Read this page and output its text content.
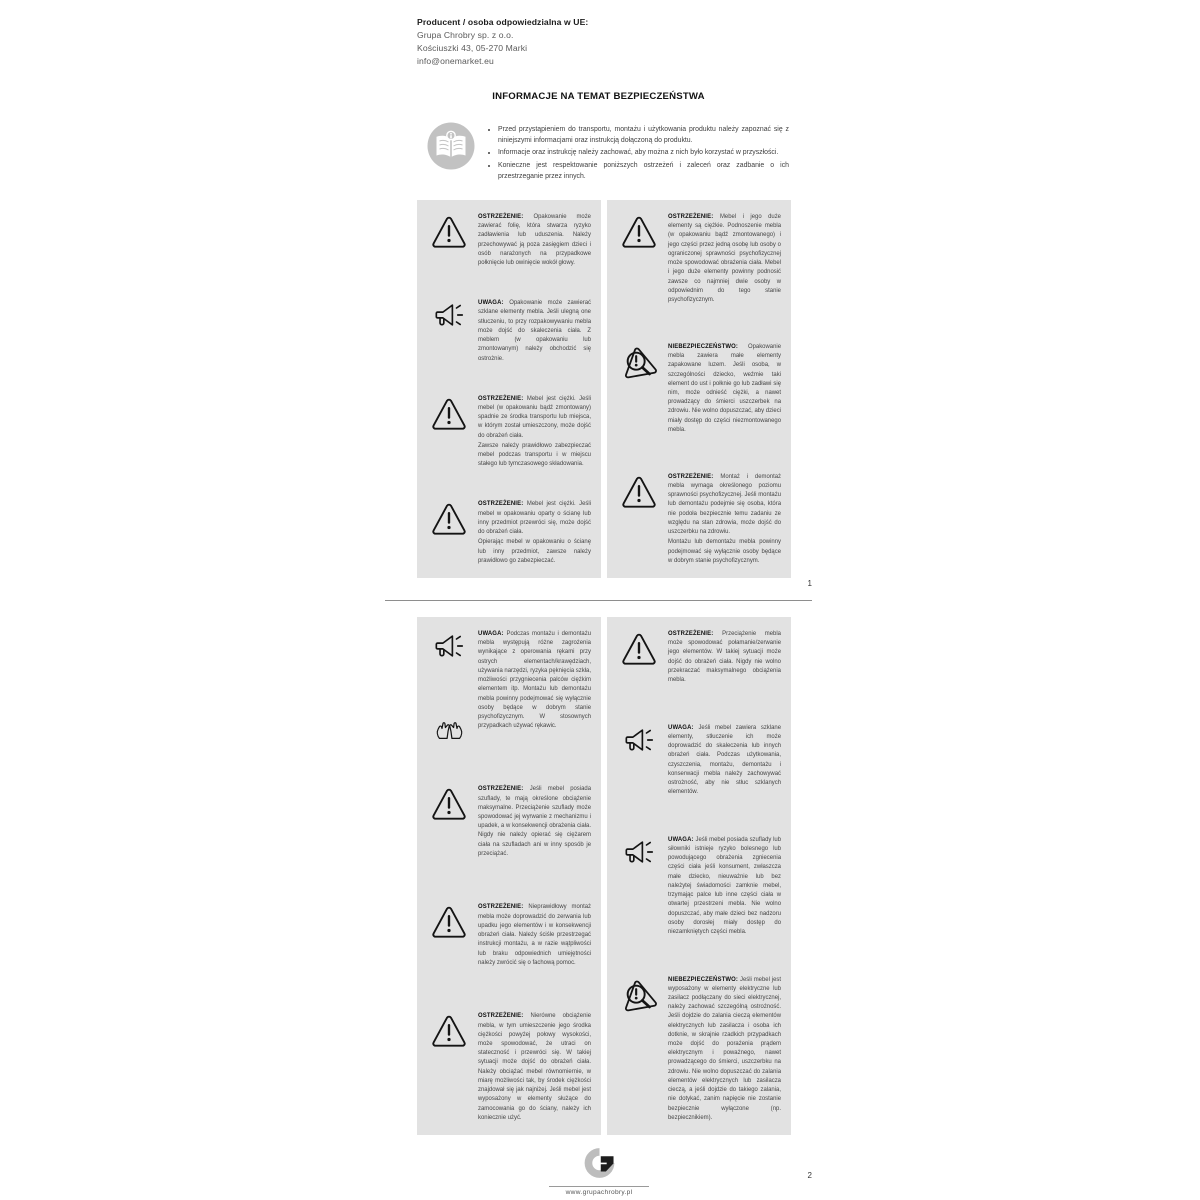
Producent / osoba odpowiedzialna w UE:
Grupa Chrobry sp. z o.o.
Kościuszki 43, 05-270 Marki
info@onemarket.eu
INFORMACJE NA TEMAT BEZPIECZEŃSTWA
• Przed przystąpieniem do transportu, montażu i użytkowania produktu należy zapoznać się z niniejszymi informacjami oraz instrukcją dołączoną do produktu.
• Informacje oraz instrukcję należy zachować, aby można z nich było korzystać w przyszłości.
• Konieczne jest respektowanie poniższych ostrzeżeń i zaleceń oraz zadbanie o ich przestrzeganie przez innych.

OSTRZEŻENIE: Opakowanie może zawierać folię, która stwarza ryzyko zadławienia lub uduszenia. Należy przechowywać ją poza zasięgiem dzieci i osób narażonych na przypadkowe połknięcie lub owinięcie wokół głowy.

UWAGA: Opakowanie może zawierać szklane elementy mebla. Jeśli ulegną one stłuczeniu, to przy rozpakowywaniu mebla może dojść do skaleczenia ciała. Z meblem (w opakowaniu lub zmontowanym) należy obchodzić się ostrożnie.

OSTRZEŻENIE: Mebel jest ciężki. Jeśli mebel (w opakowaniu bądź zmontowany) spadnie ze środka transportu lub miejsca, w którym został umieszczony, może dojść do obrażeń ciała.

Zawsze należy prawidłowo zabezpieczać mebel podczas transportu i w miejscu stałego lub tymczasowego składowania.

OSTRZEŻENIE: Mebel jest ciężki. Jeśli mebel w opakowaniu oparty o ścianę lub inny przedmiot przewróci się, może dojść do obrażeń ciała.

Opierając mebel w opakowaniu o ścianę lub inny przedmiot, zawsze należy prawidłowo go zabezpieczać.

OSTRZEŻENIE: Mebel i jego duże elementy są ciężkie. Podnoszenie mebla (w opakowaniu bądź zmontowanego) i jego części przez jedną osobę lub osoby o ograniczonej sprawności psychofizycznej może spowodować obrażenia ciała. Mebel i jego duże elementy powinny podnosić zawsze co najmniej dwie osoby w odpowiednim do tego stanie psychofizycznym.

NIEBEZPIECZEŃSTWO: Opakowanie mebla zawiera małe elementy zapakowane luzem. Jeśli osoba, w szczególności dziecko, weźmie taki element do ust i połknie go lub zadławi się nim, może odnieść ciężki, a nawet prowadzący do śmierci uszczerbek na zdrowiu. Nie wolno dopuszczać, aby dzieci miały dostęp do części niezmontowanego mebla.

OSTRZEŻENIE: Montaż i demontaż mebla wymaga określonego poziomu sprawności psychofizycznej. Jeśli montażu lub demontażu podejmie się osoba, która nie podoła bezpiecznie temu zadaniu ze względu na stan zdrowia, może dojść do uszczerbku na zdrowiu.

Montażu lub demontażu mebla powinny podejmować się wyłącznie osoby będące w dobrym stanie psychofizycznym.

1

UWAGA: Podczas montażu i demontażu mebla występują różne zagrożenia wynikające z operowania rękami przy ostrych elementach/krawędziach, używania narzędzi, ryzyka pęknięcia szkła, możliwości przygniecenia palców ciężkim elementem itp. Montażu lub demontażu mebla powinny podejmować się wyłącznie osoby będące w dobrym stanie psychofizycznym. W stosownych przypadkach używać rękawic.

OSTRZEŻENIE: Jeśli mebel posiada szuflady, te mają określone obciążenie maksymalne. Przeciążenie szuflady może spowodować jej wyrwanie z mechanizmu i upadek, a w konsekwencji obrażenia ciała. Nigdy nie należy opierać się ciężarem ciała na szufladach ani w inny sposób je przeciążać.

OSTRZEŻENIE: Nieprawidłowy montaż mebla może doprowadzić do zerwania lub upadku jego elementów i w konsekwencji obrażeń ciała. Należy ściśle przestrzegać instrukcji montażu, a w razie wątpliwości lub braku odpowiednich umiejętności należy zwrócić się o fachową pomoc.

OSTRZEŻENIE: Nierówne obciążenie mebla, w tym umieszczenie jego środka ciężkości powyżej połowy wysokości, może spowodować, że utraci on stateczność i przewróci się. W takiej sytuacji może dojść do obrażeń ciała. Należy obciążać mebel równomiernie, w miarę możliwości tak, by środek ciężkości znajdował się jak najniżej. Jeśli mebel jest wyposażony w elementy służące do zamocowania go do ściany, należy ich koniecznie użyć.

OSTRZEŻENIE: Przeciążenie mebla może spowodować połamanie/zerwanie jego elementów. W takiej sytuacji może dojść do obrażeń ciała. Nigdy nie wolno przekraczać maksymalnego obciążenia mebla.

UWAGA: Jeśli mebel zawiera szklane elementy, stłuczenie ich może doprowadzić do skaleczenia lub innych obrażeń ciała. Podczas użytkowania, czyszczenia, montażu, demontażu i konserwacji mebla należy zachowywać ostrożność, aby nie stłuc szklanych elementów.

UWAGA: Jeśli mebel posiada szuflady lub siłowniki istnieje ryzyko bolesnego lub powodującego obrażenia zgniecenia części ciała jeśli konsument, zwłaszcza małe dziecko, nieuważnie lub bez należytej świadomości zamknie mebel, trzymając palce lub inne części ciała w otwartej przestrzeni mebla. Nie wolno dopuszczać, aby małe dzieci bez nadzoru osoby dorosłej miały dostęp do niezamkniętych części mebla.

NIEBEZPIECZEŃSTWO: Jeśli mebel jest wyposażony w elementy elektryczne lub zasilacz podłączany do sieci elektrycznej, należy zachować szczególną ostrożność. Jeśli dojdzie do zalania cieczą elementów elektrycznych lub zasilacza i osoba ich dotknie, w skrajnie rzadkich przypadkach może dojść do porażenia prądem elektrycznym i poważnego, nawet prowadzącego do śmierci, uszczerbku na zdrowiu. Nie wolno dopuszczać do zalania elementów elektrycznych lub zasilacza cieczą, a jeśli dojdzie do takiego zalania, nie dotykać, zanim napięcie nie zostanie bezpiecznie wyłączone (np. bezpiecznikiem).

2
www.grupachrobry.pl
